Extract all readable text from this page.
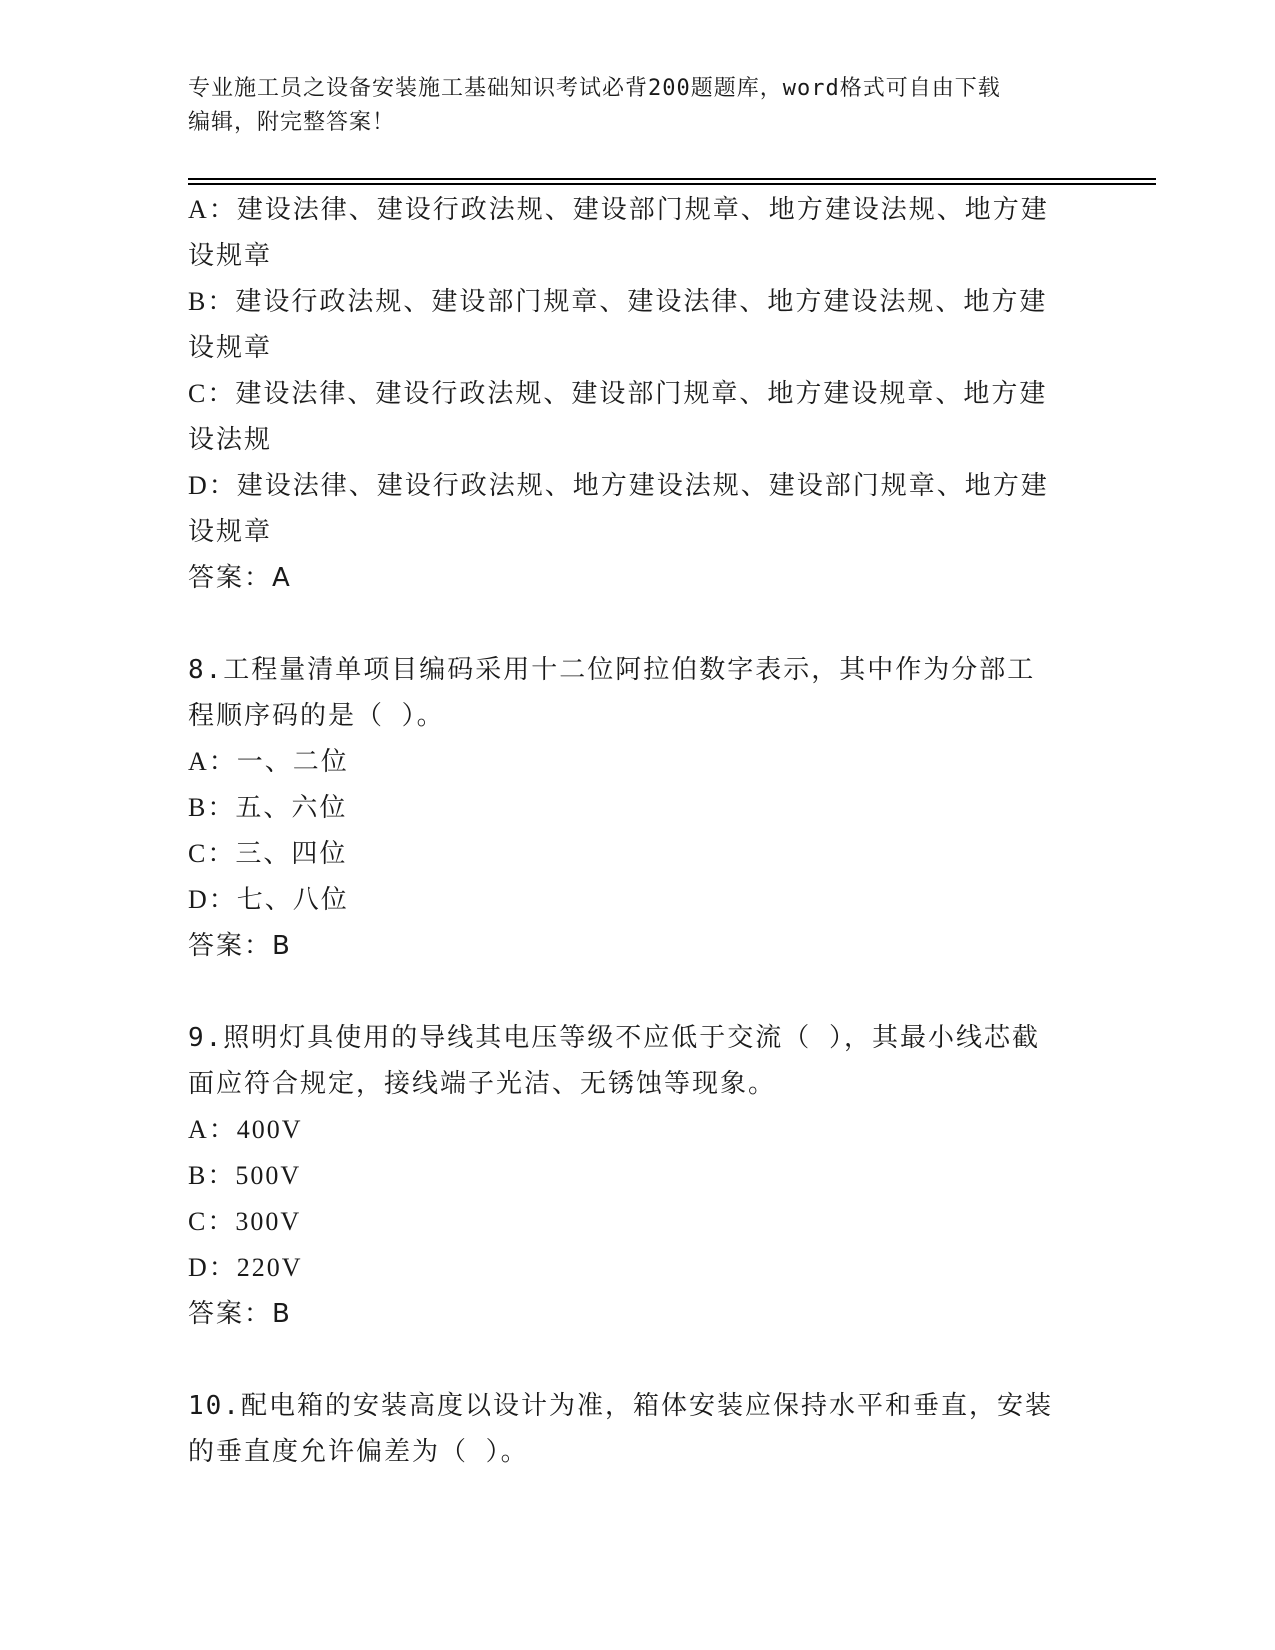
专业施工员之设备安装施工基础知识考试必背200题题库，word格式可自由下载
编辑，附完整答案！
A：建设法律、建设行政法规、建设部门规章、地方建设法规、地方建
设规章
B：建设行政法规、建设部门规章、建设法律、地方建设法规、地方建
设规章
C：建设法律、建设行政法规、建设部门规章、地方建设规章、地方建
设法规
D：建设法律、建设行政法规、地方建设法规、建设部门规章、地方建
设规章
答案：A
8.工程量清单项目编码采用十二位阿拉伯数字表示，其中作为分部工
程顺序码的是（ ）。
A：一、二位
B：五、六位
C：三、四位
D：七、八位
答案：B
9.照明灯具使用的导线其电压等级不应低于交流（ ），其最小线芯截
面应符合规定，接线端子光洁、无锈蚀等现象。
A：400V
B：500V
C：300V
D：220V
答案：B
10.配电箱的安装高度以设计为准，箱体安装应保持水平和垂直，安装
的垂直度允许偏差为（ ）。
